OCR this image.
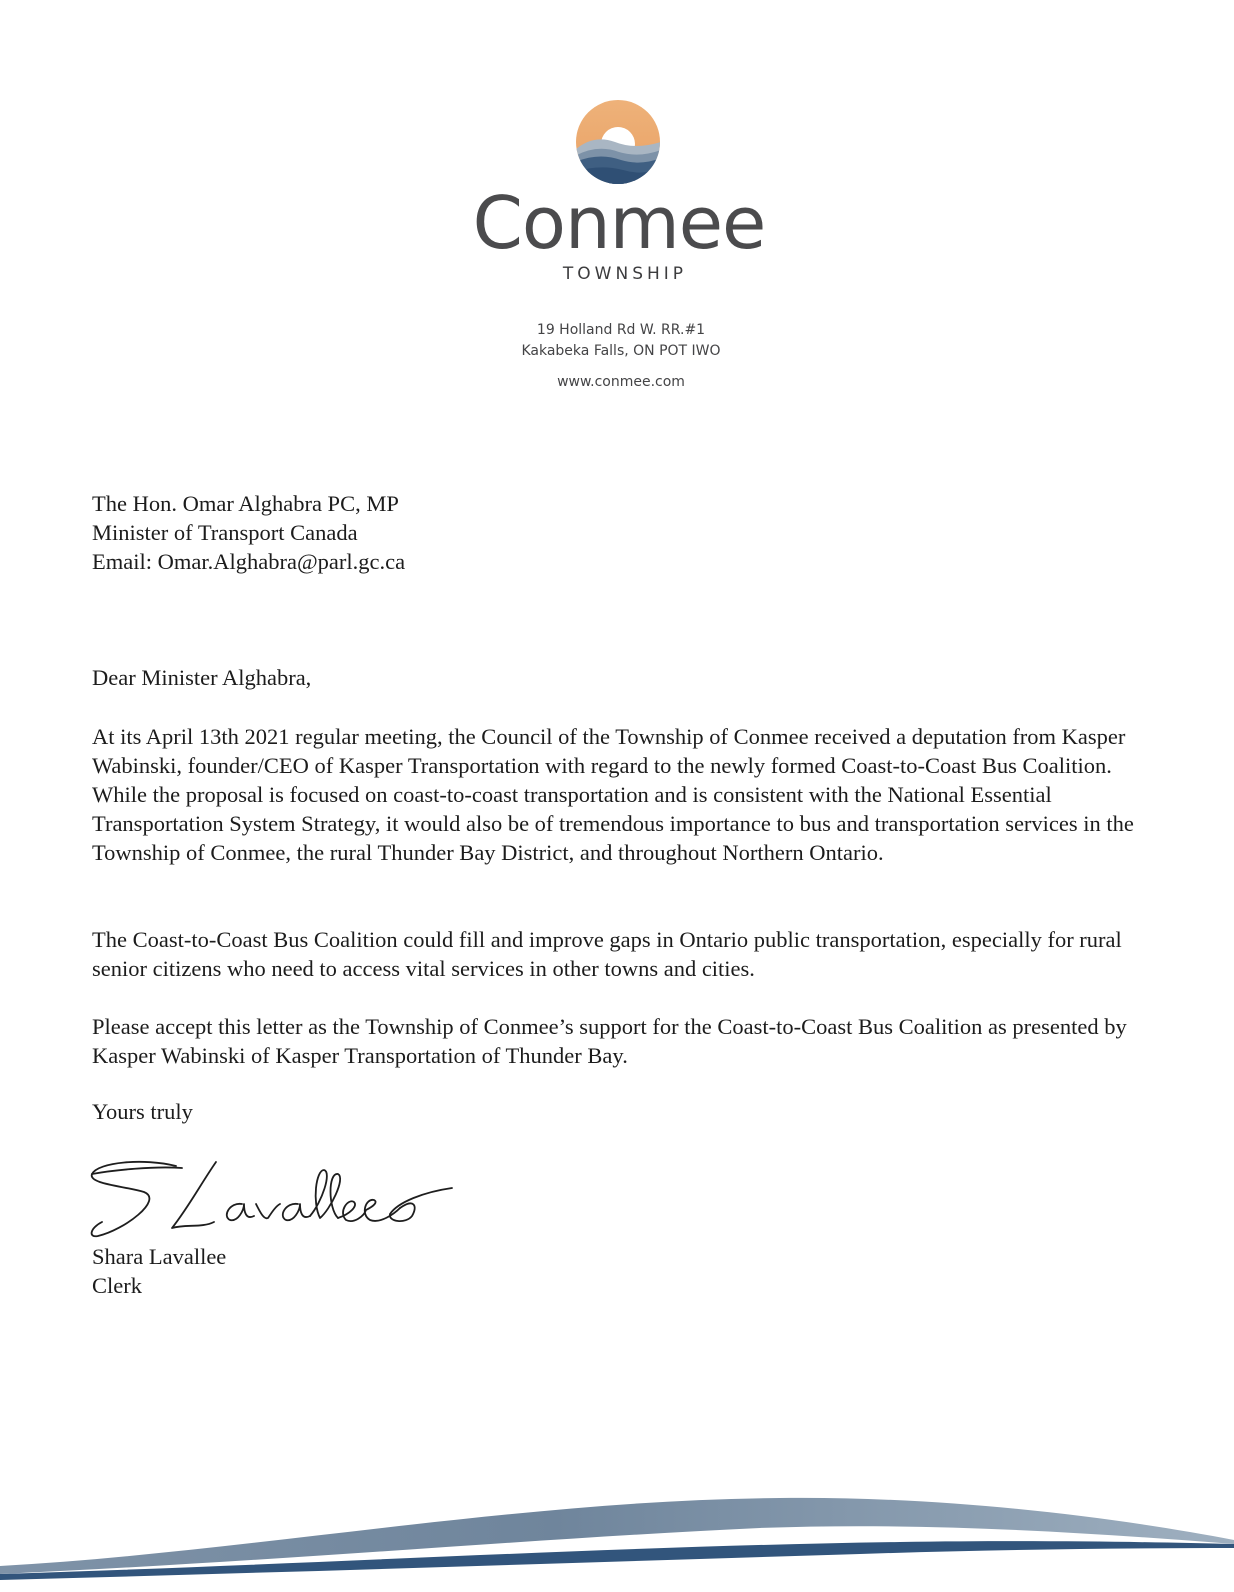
Conmee
TOWNSHIP
19 Holland Rd W. RR.#1
Kakabeka Falls, ON POT IWO
www.conmee.com
The Hon. Omar Alghabra PC, MP
Minister of Transport Canada
Email: Omar.Alghabra@parl.gc.ca
Dear Minister Alghabra,
At its April 13th 2021 regular meeting, the Council of the Township of Conmee received a deputation from Kasper Wabinski, founder/CEO of Kasper Transportation with regard to the newly formed Coast-to-Coast Bus Coalition. While the proposal is focused on coast-to-coast transportation and is consistent with the National Essential Transportation System Strategy, it would also be of tremendous importance to bus and transportation services in the Township of Conmee, the rural Thunder Bay District, and throughout Northern Ontario.
The Coast-to-Coast Bus Coalition could fill and improve gaps in Ontario public transportation, especially for rural senior citizens who need to access vital services in other towns and cities.
Please accept this letter as the Township of Conmee’s support for the Coast-to-Coast Bus Coalition as presented by Kasper Wabinski of Kasper Transportation of Thunder Bay.
Yours truly
Shara Lavallee
Clerk
